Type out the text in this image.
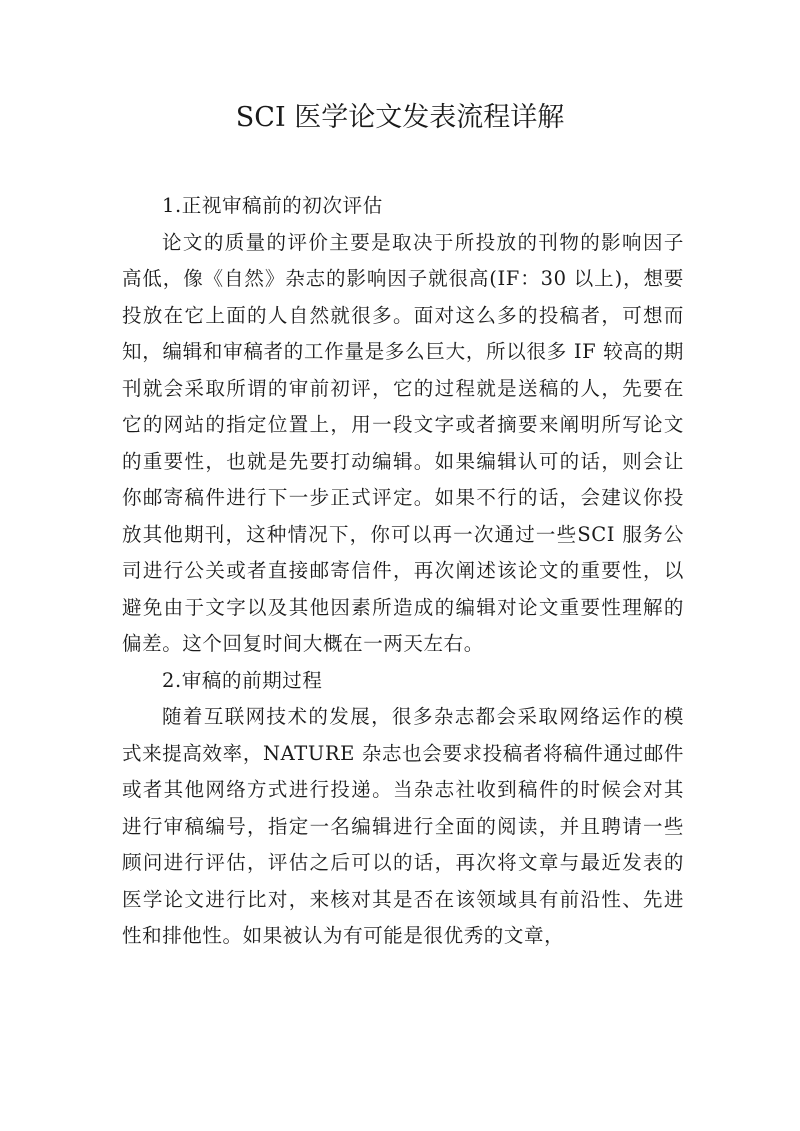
SCI 医学论文发表流程详解

1.正视审稿前的初次评估

论文的质量的评价主要是取决于所投放的刊物的影响因子高低，像《自然》杂志的影响因子就很高(IF：30 以上)，想要投放在它上面的人自然就很多。面对这么多的投稿者，可想而知，编辑和审稿者的工作量是多么巨大，所以很多 IF 较高的期刊就会采取所谓的审前初评，它的过程就是送稿的人，先要在它的网站的指定位置上，用一段文字或者摘要来阐明所写论文的重要性，也就是先要打动编辑。如果编辑认可的话，则会让你邮寄稿件进行下一步正式评定。如果不行的话，会建议你投放其他期刊，这种情况下，你可以再一次通过一些SCI 服务公司进行公关或者直接邮寄信件，再次阐述该论文的重要性，以避免由于文字以及其他因素所造成的编辑对论文重要性理解的偏差。这个回复时间大概在一两天左右。

2.审稿的前期过程

随着互联网技术的发展，很多杂志都会采取网络运作的模式来提高效率，NATURE 杂志也会要求投稿者将稿件通过邮件或者其他网络方式进行投递。当杂志社收到稿件的时候会对其进行审稿编号，指定一名编辑进行全面的阅读，并且聘请一些顾问进行评估，评估之后可以的话，再次将文章与最近发表的医学论文进行比对，来核对其是否在该领域具有前沿性、先进性和排他性。如果被认为有可能是很优秀的文章，
